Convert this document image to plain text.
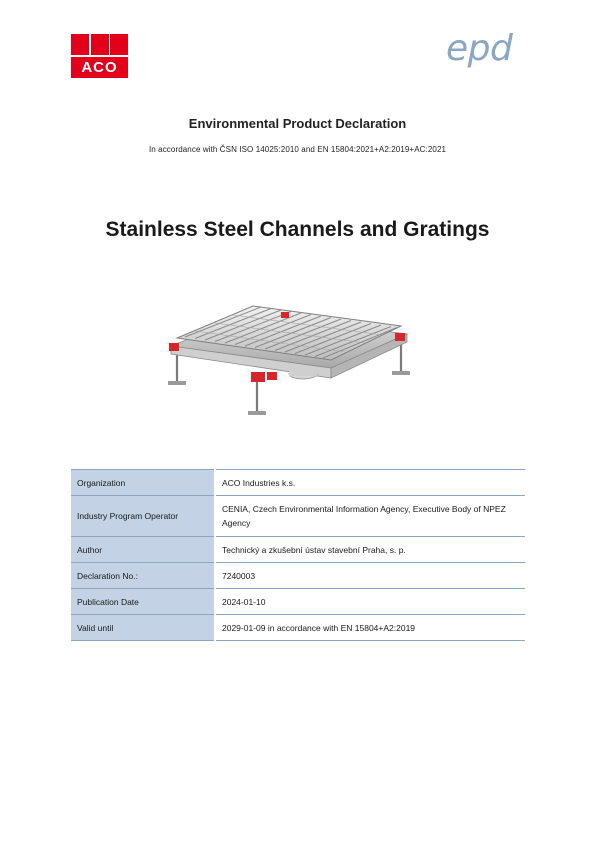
ACO	epd
Environmental Product Declaration
In accordance with ČSN ISO 14025:2010 and EN 15804:2021+A2:2019+AC:2021
Stainless Steel Channels and Gratings
Organization	ACO Industries k.s.
Industry Program Operator	CENIA, Czech Environmental Information Agency, Executive Body of NPEZ Agency
Author	Technický a zkušební ústav stavební Praha, s. p.
Declaration No.:	7240003
Publication Date	2024-01-10
Valid until	2029-01-09 in accordance with EN 15804+A2:2019
